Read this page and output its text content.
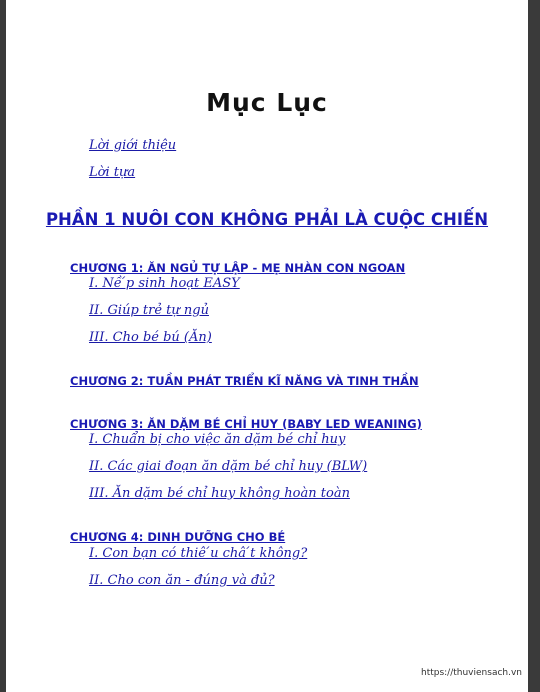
Mục Lục
Lời giới thiệu
Lời tựa
PHẦN 1 NUÔI CON KHÔNG PHẢI LÀ CUỘC CHIẾN
CHƯƠNG 1: ĂN NGỦ TỰ LẬP - MẸ NHÀN CON NGOAN
I. Nề ́p sinh hoạt EASY
II. Giúp trẻ tự ngủ
III. Cho bé bú (Ăn)
CHƯƠNG 2: TUẦN PHÁT TRIỂN KĨ NĂNG VÀ TINH THẦN
CHƯƠNG 3: ĂN DẶM BÉ CHỈ HUY (BABY LED WEANING)
I. Chuẩn bị cho việc ăn dặm bé chỉ huy
II. Các giai đoạn ăn dặm bé chỉ huy (BLW)
III. Ăn dặm bé chỉ huy không hoàn toàn
CHƯƠNG 4: DINH DƯỠNG CHO BÉ
I. Con bạn có thiê ́u châ ́t không?
II. Cho con ăn - đúng và đủ?
https://thuviensach.vn
